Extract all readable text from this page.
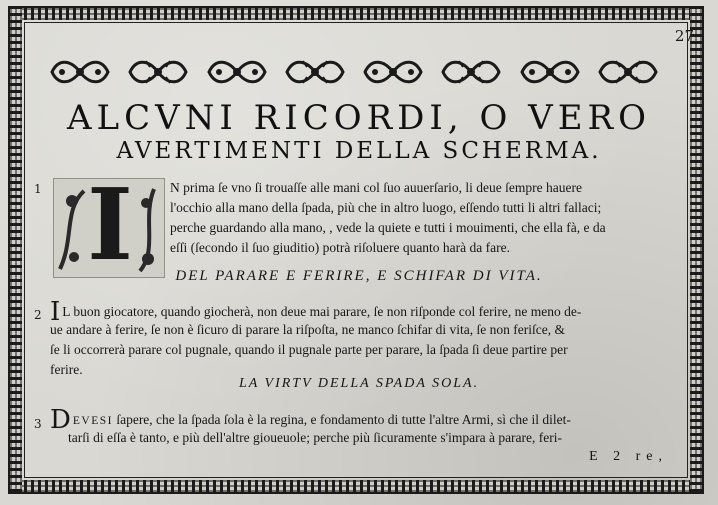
27
ALCVNI RICORDI, O VERO
AVERTIMENTI DELLA SCHERMA.
1 I	N prima ſe vno ſi trouaſſe alle mani col ſuo auuerſario, li deue ſempre hauere
l'occhio alla mano della ſpada, più che in altro luogo, eſſendo tutti li altri fallaci;
perche guardando alla mano, , vede la quiete e tutti i mouimenti, che ella fà, e da
eſſi (ſecondo il ſuo giuditio) potrà riſoluere quanto harà da fare.
DEL PARARE E FERIRE, E SCHIFAR DI VITA.
2 I L buon giocatore, quando giocherà, non deue mai parare, ſe non riſponde col ferire, ne meno de-
ue andare à ferire, ſe non è ſicuro di parare la riſpoſta, ne manco ſchifar di vita, ſe non feriſce, &
ſe li occorrerà parare col pugnale, quando il pugnale parte per parare, la ſpada ſi deue partire per
ferire.
LA VIRTV DELLA SPADA SOLA.
3 DEVESI ſapere, che la ſpada ſola è la regina, e fondamento di tutte l'altre Armi, sì che il dilet-
tarſi di eſſa è tanto, e più dell'altre gioueuole; perche più ſicuramente s'impara à parare, feri-
E 2 re,
